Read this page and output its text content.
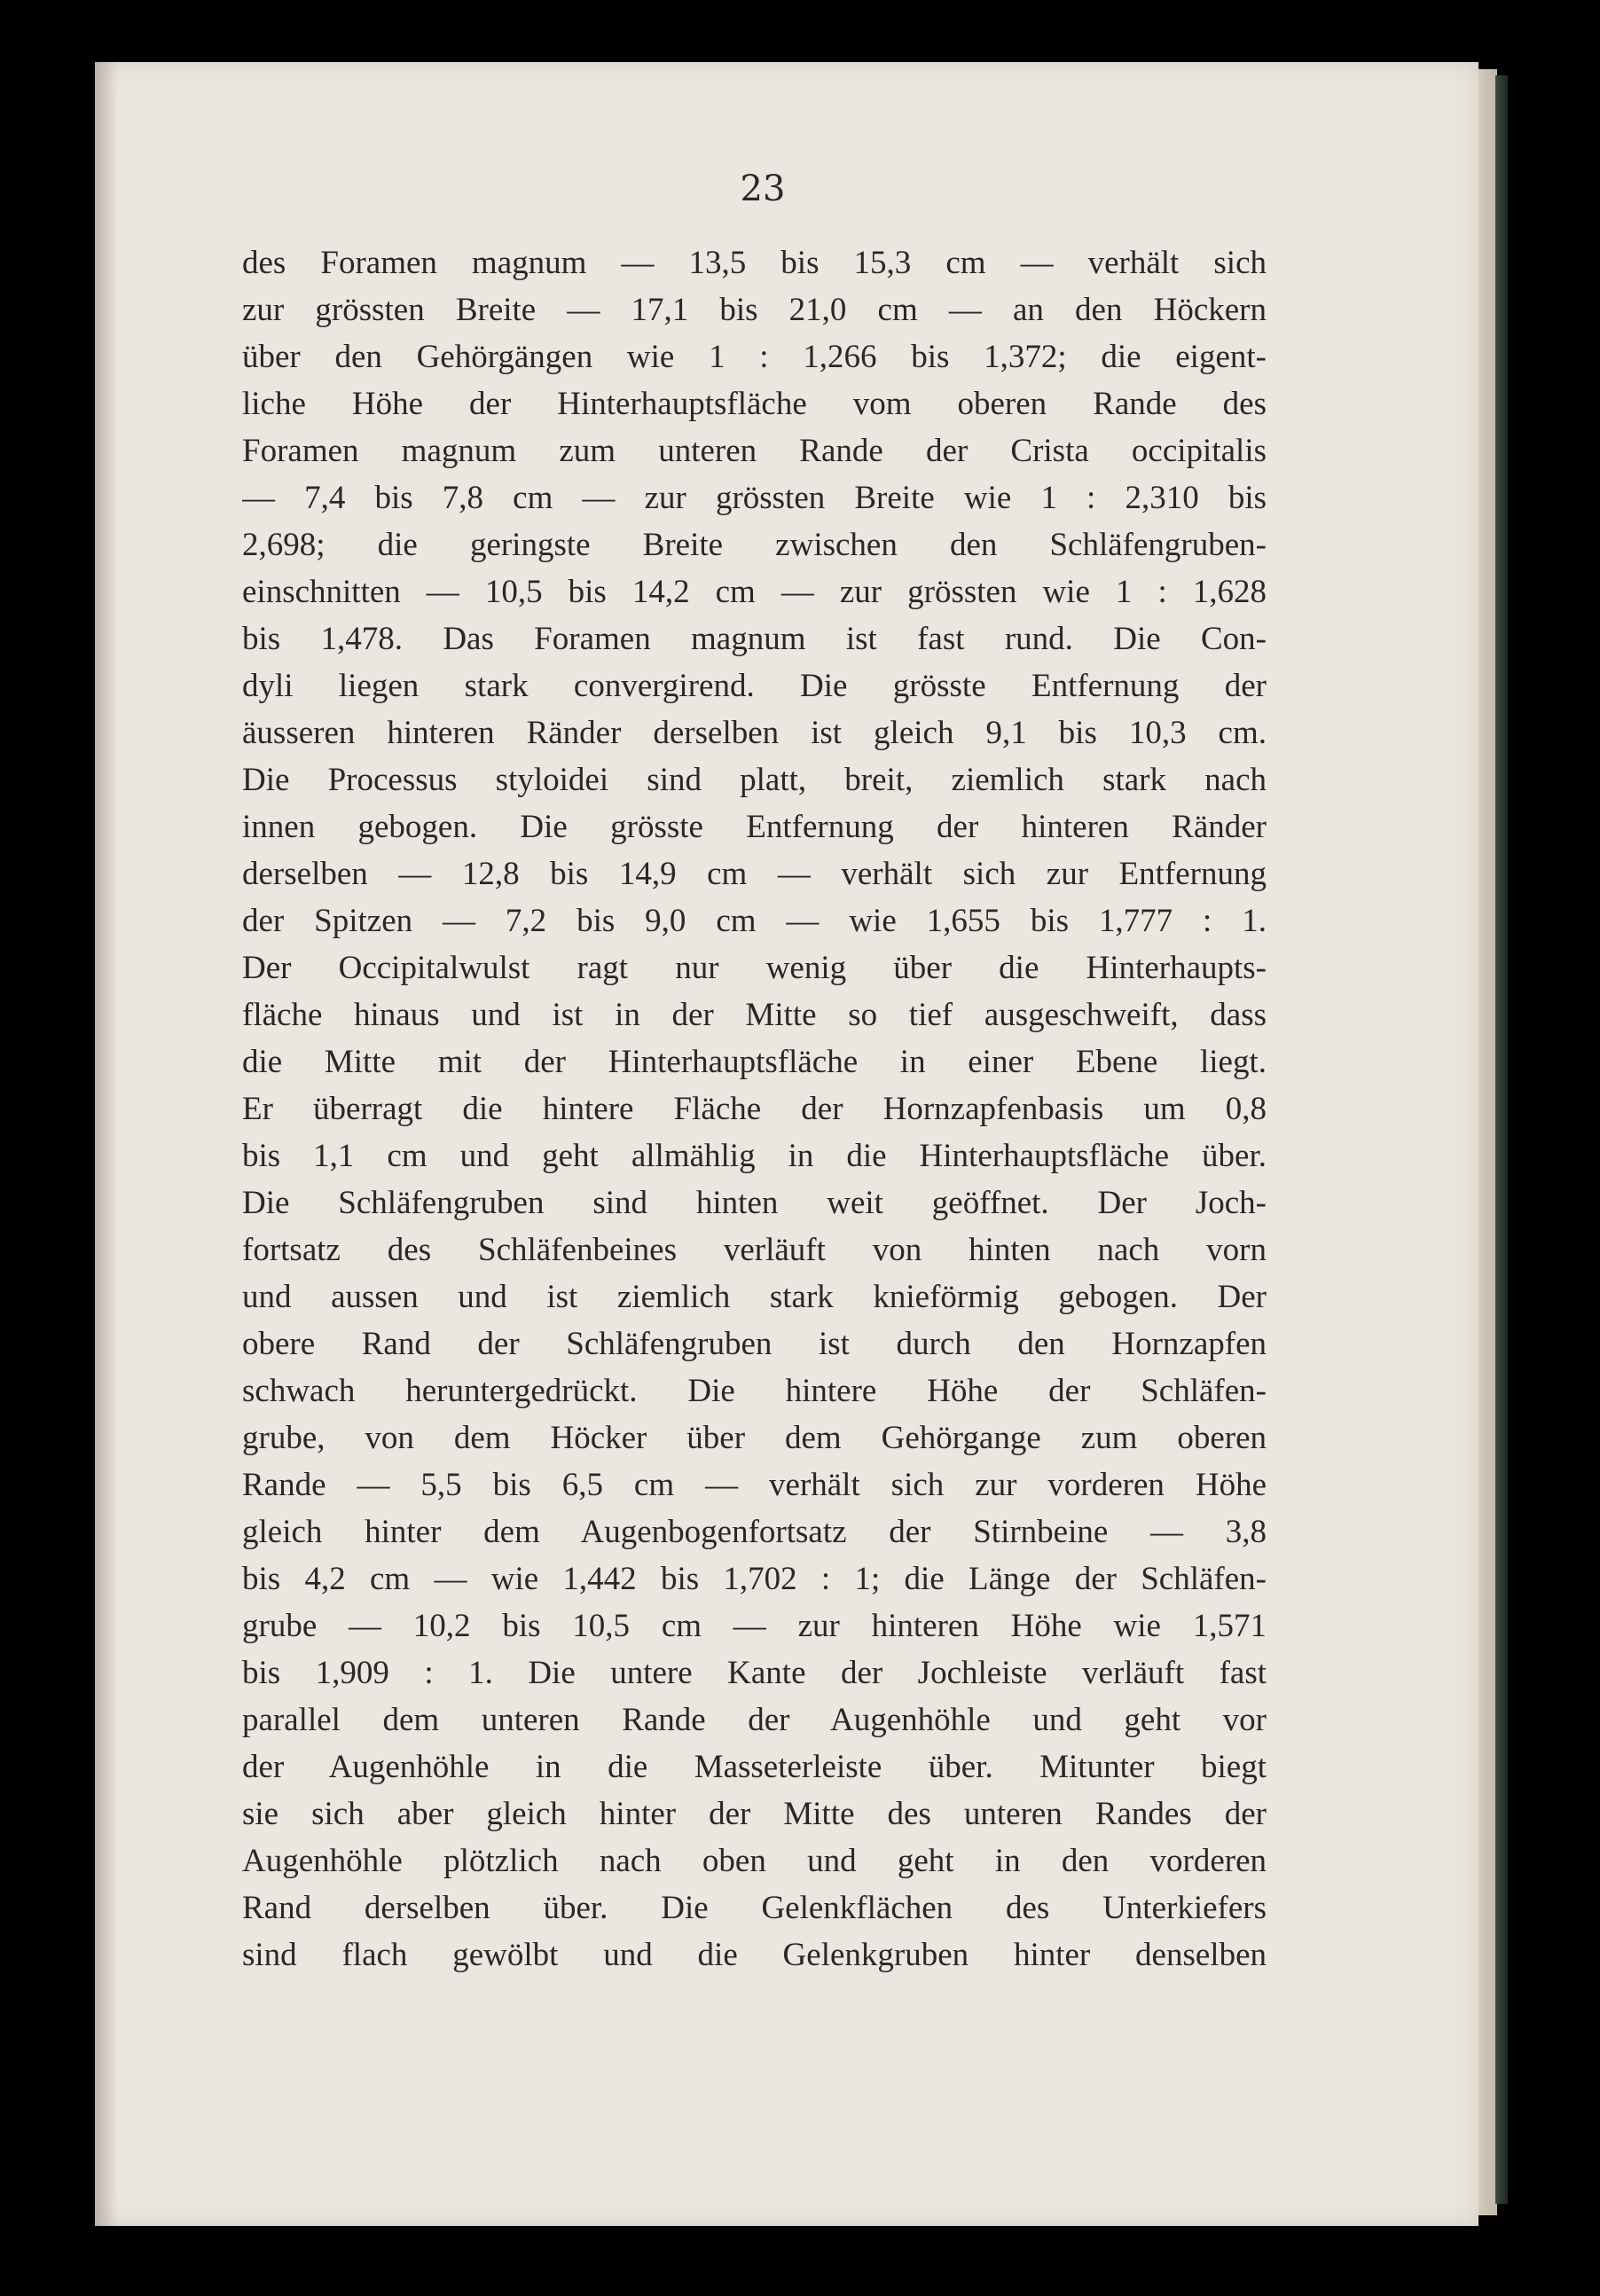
23

des Foramen magnum — 13,5 bis 15,3 cm — verhält sich
zur grössten Breite — 17,1 bis 21,0 cm — an den Höckern
über den Gehörgängen wie 1 : 1,266 bis 1,372; die eigent-
liche Höhe der Hinterhauptsfläche vom oberen Rande des
Foramen magnum zum unteren Rande der Crista occipitalis
— 7,4 bis 7,8 cm — zur grössten Breite wie 1 : 2,310 bis
2,698; die geringste Breite zwischen den Schläfengruben-
einschnitten — 10,5 bis 14,2 cm — zur grössten wie 1 : 1,628
bis 1,478. Das Foramen magnum ist fast rund. Die Con-
dyli liegen stark convergirend. Die grösste Entfernung der
äusseren hinteren Ränder derselben ist gleich 9,1 bis 10,3 cm.
Die Processus styloidei sind platt, breit, ziemlich stark nach
innen gebogen. Die grösste Entfernung der hinteren Ränder
derselben — 12,8 bis 14,9 cm — verhält sich zur Entfernung
der Spitzen — 7,2 bis 9,0 cm — wie 1,655 bis 1,777 : 1.
Der Occipitalwulst ragt nur wenig über die Hinterhaupts-
fläche hinaus und ist in der Mitte so tief ausgeschweift, dass
die Mitte mit der Hinterhauptsfläche in einer Ebene liegt.
Er überragt die hintere Fläche der Hornzapfenbasis um 0,8
bis 1,1 cm und geht allmählig in die Hinterhauptsfläche über.
Die Schläfengruben sind hinten weit geöffnet. Der Joch-
fortsatz des Schläfenbeines verläuft von hinten nach vorn
und aussen und ist ziemlich stark knieförmig gebogen. Der
obere Rand der Schläfengruben ist durch den Hornzapfen
schwach heruntergedrückt. Die hintere Höhe der Schläfen-
grube, von dem Höcker über dem Gehörgange zum oberen
Rande — 5,5 bis 6,5 cm — verhält sich zur vorderen Höhe
gleich hinter dem Augenbogenfortsatz der Stirnbeine — 3,8
bis 4,2 cm — wie 1,442 bis 1,702 : 1; die Länge der Schläfen-
grube — 10,2 bis 10,5 cm — zur hinteren Höhe wie 1,571
bis 1,909 : 1. Die untere Kante der Jochleiste verläuft fast
parallel dem unteren Rande der Augenhöhle und geht vor
der Augenhöhle in die Masseterleiste über. Mitunter biegt
sie sich aber gleich hinter der Mitte des unteren Randes der
Augenhöhle plötzlich nach oben und geht in den vorderen
Rand derselben über. Die Gelenkflächen des Unterkiefers
sind flach gewölbt und die Gelenkgruben hinter denselben
